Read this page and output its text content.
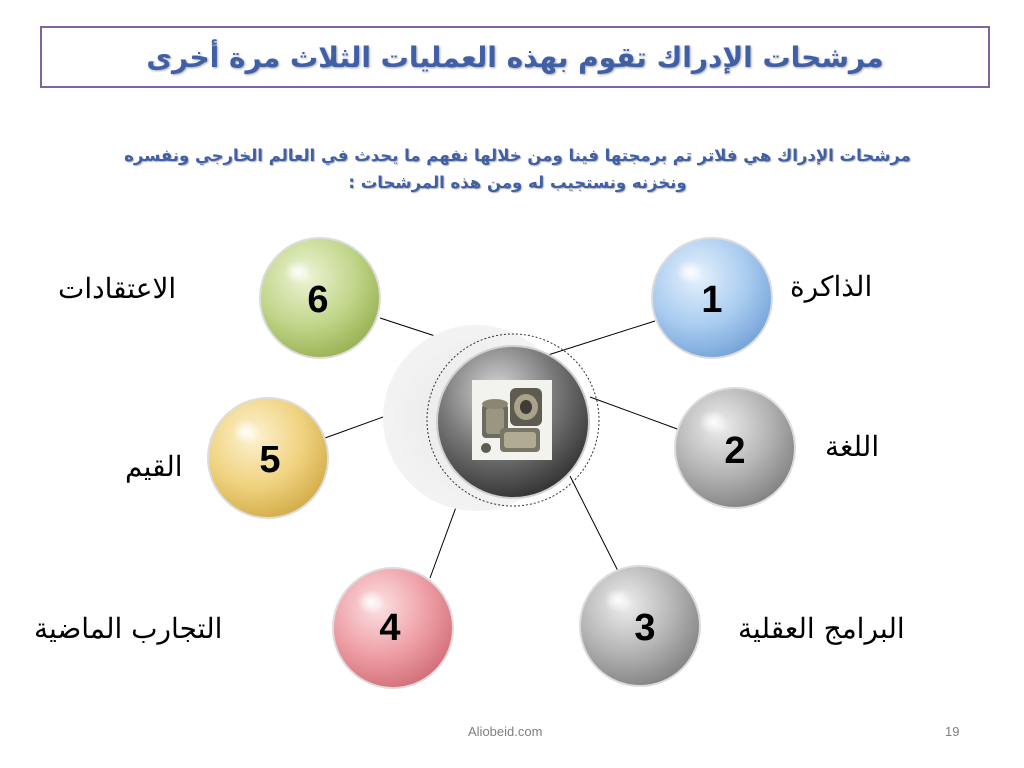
مرشحات الإدراك تقوم بهذه العمليات الثلاث مرة أخرى
مرشحات الإدراك هي فلاتر تم برمجتها فينا ومن خلالها نفهم ما يحدث في العالم الخارجي ونفسره
ونخزنه ونستجيب له ومن هذه المرشحات :
1
2
3
4
5
6	الذاكرة
اللغة
البرامج العقلية
التجارب الماضية
القيم
الاعتقادات
Aliobeid.com	19
